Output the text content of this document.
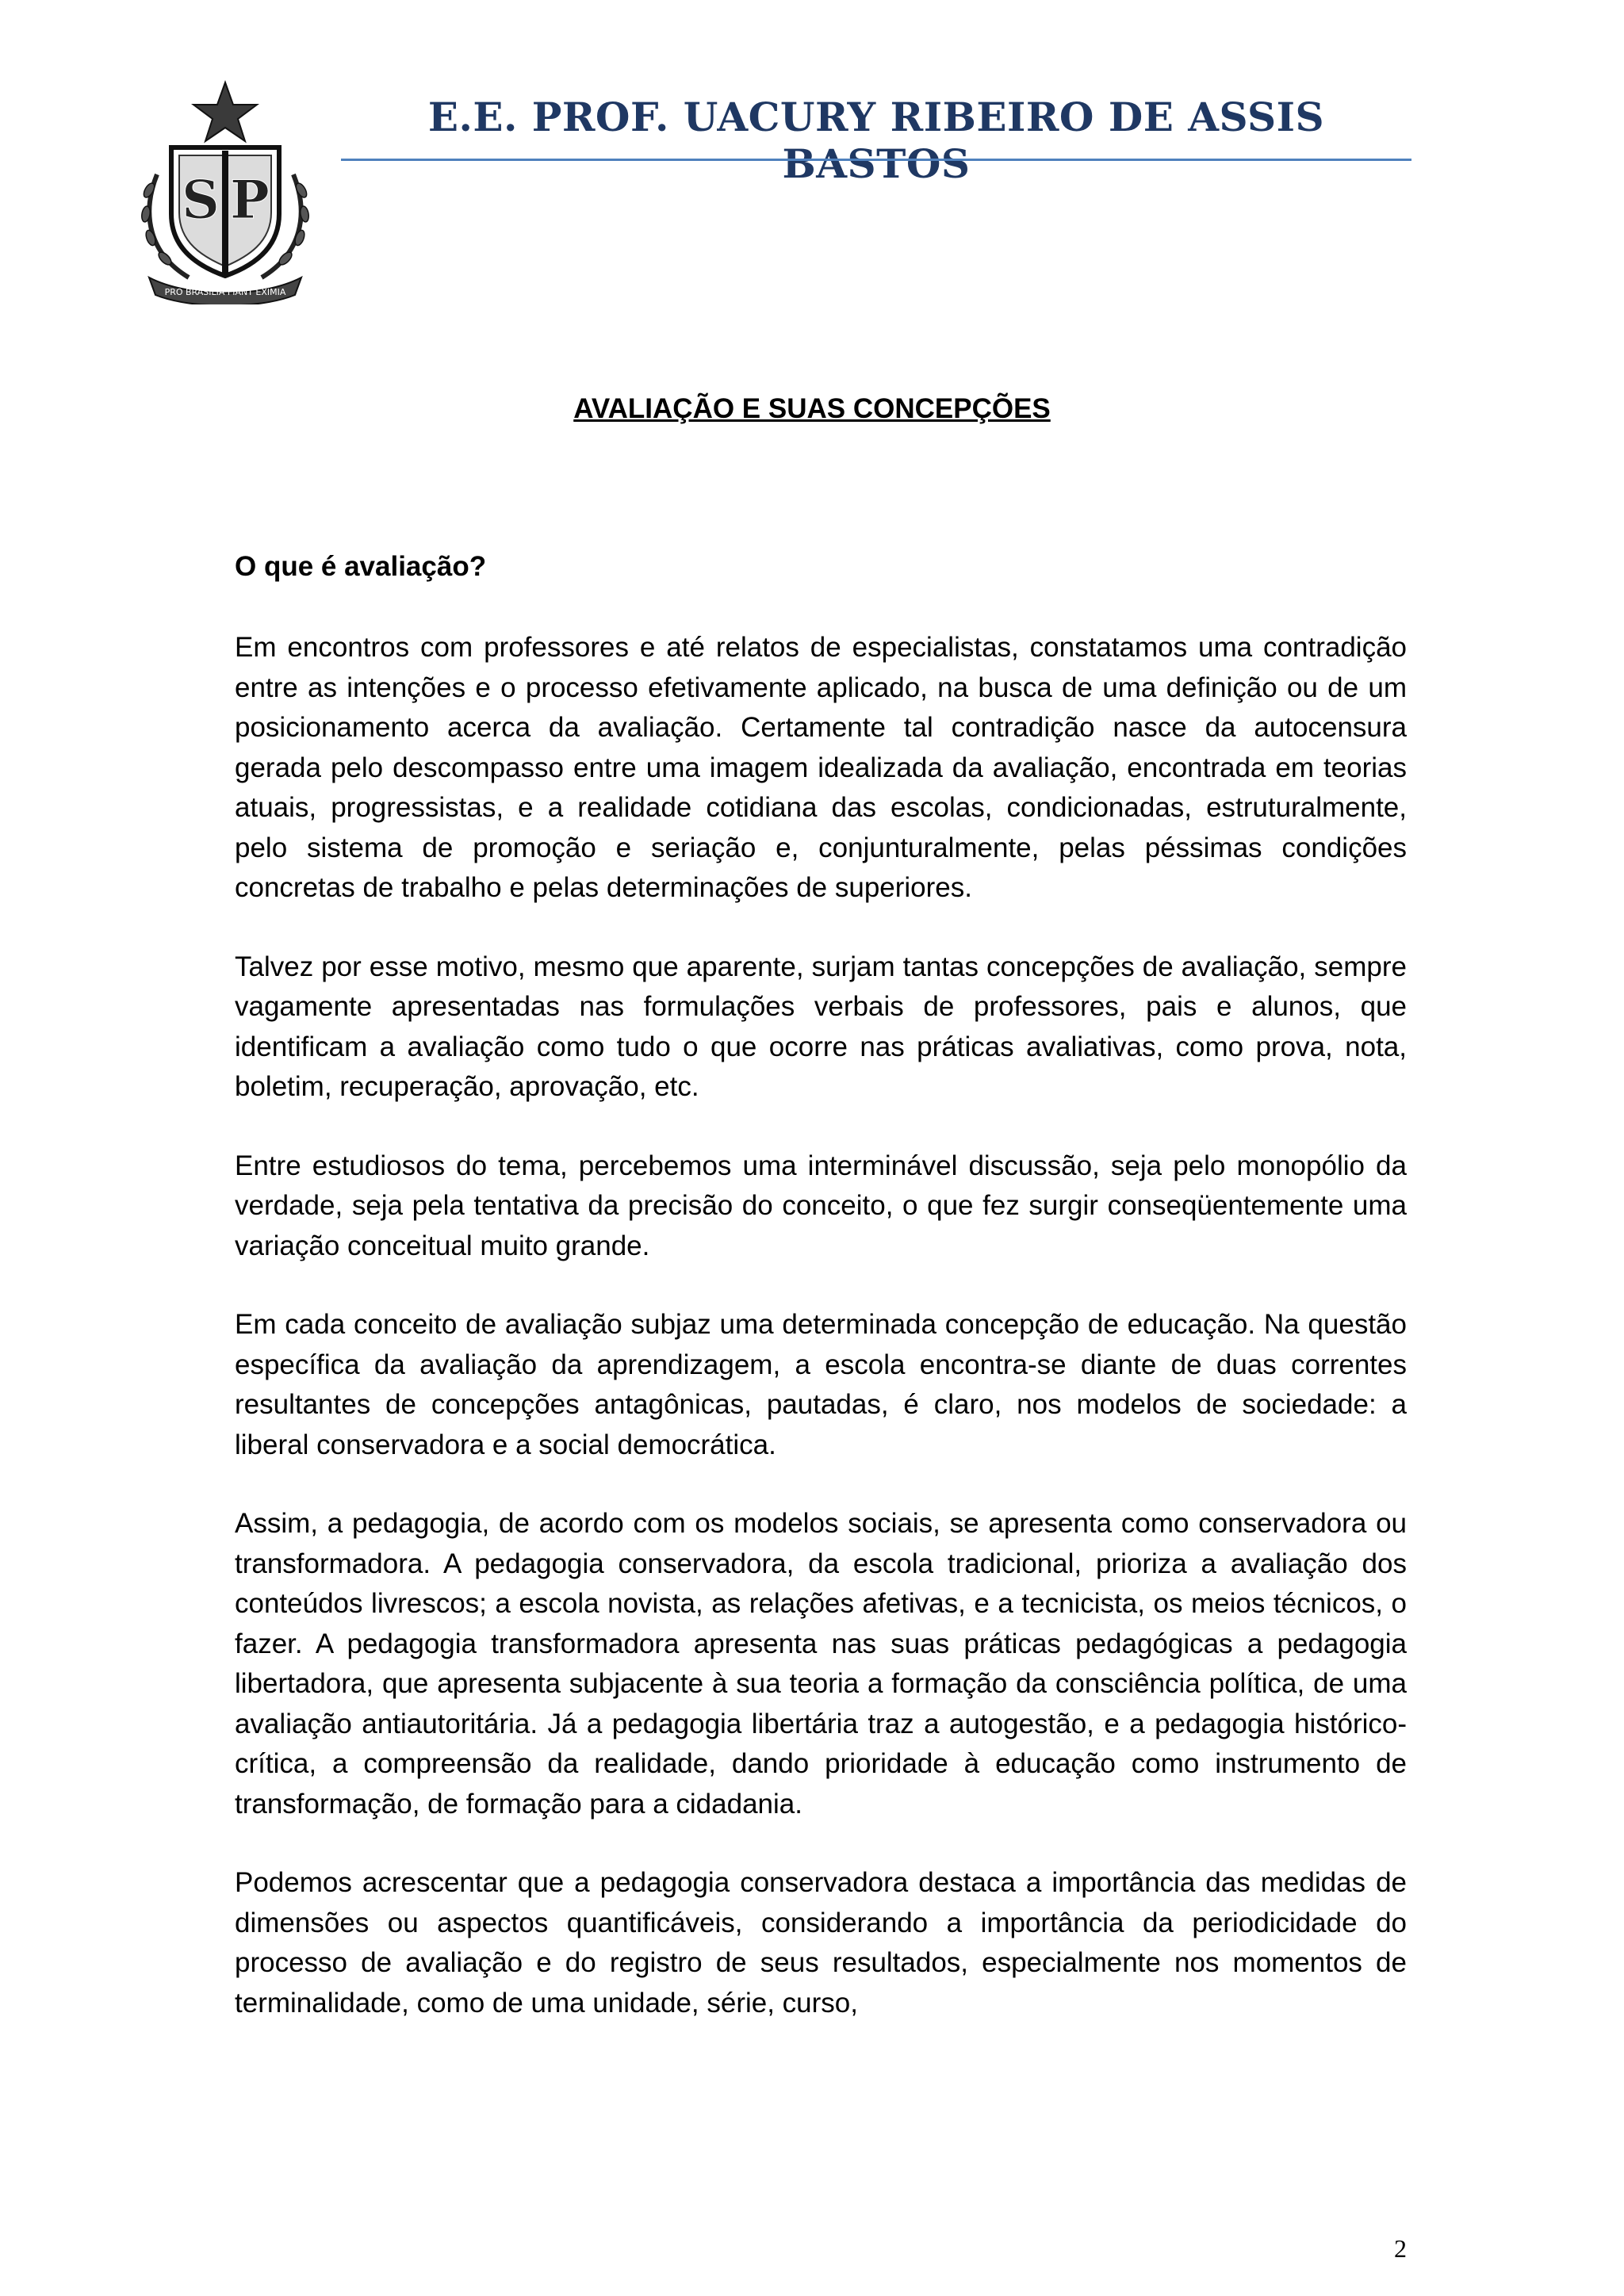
S P
PRO BRASILIA FIANT EXIMIA
E.E. PROF. UACURY RIBEIRO DE ASSIS BASTOS
AVALIAÇÃO E SUAS CONCEPÇÕES

O que é avaliação?

Em encontros com professores e até relatos de especialistas, constatamos uma contradição entre as intenções e o processo efetivamente aplicado, na busca de uma definição ou de um posicionamento acerca da avaliação. Certamente tal contradição nasce da autocensura gerada pelo descompasso entre uma imagem idealizada da avaliação, encontrada em teorias atuais, progressistas, e a realidade cotidiana das escolas, condicionadas, estruturalmente, pelo sistema de promoção e seriação e, conjunturalmente, pelas péssimas condições concretas de trabalho e pelas determinações de superiores.

Talvez por esse motivo, mesmo que aparente, surjam tantas concepções de avaliação, sempre vagamente apresentadas nas formulações verbais de professores, pais e alunos, que identificam a avaliação como tudo o que ocorre nas práticas avaliativas, como prova, nota, boletim, recuperação, aprovação, etc.

Entre estudiosos do tema, percebemos uma interminável discussão, seja pelo monopólio da verdade, seja pela tentativa da precisão do conceito, o que fez surgir conseqüentemente uma variação conceitual muito grande.

Em cada conceito de avaliação subjaz uma determinada concepção de educação. Na questão específica da avaliação da aprendizagem, a escola encontra-se diante de duas correntes resultantes de concepções antagônicas, pautadas, é claro, nos modelos de sociedade: a liberal conservadora e a social democrática.

Assim, a pedagogia, de acordo com os modelos sociais, se apresenta como conservadora ou transformadora. A pedagogia conservadora, da escola tradicional, prioriza a avaliação dos conteúdos livrescos; a escola novista, as relações afetivas, e a tecnicista, os meios técnicos, o fazer. A pedagogia transformadora apresenta nas suas práticas pedagógicas a pedagogia libertadora, que apresenta subjacente à sua teoria a formação da consciência política, de uma avaliação antiautoritária. Já a pedagogia libertária traz a autogestão, e a pedagogia histórico-crítica, a compreensão da realidade, dando prioridade à educação como instrumento de transformação, de formação para a cidadania.

Podemos acrescentar que a pedagogia conservadora destaca a importância das medidas de dimensões ou aspectos quantificáveis, considerando a importância da periodicidade do processo de avaliação e do registro de seus resultados, especialmente nos momentos de terminalidade, como de uma unidade, série, curso,

2
